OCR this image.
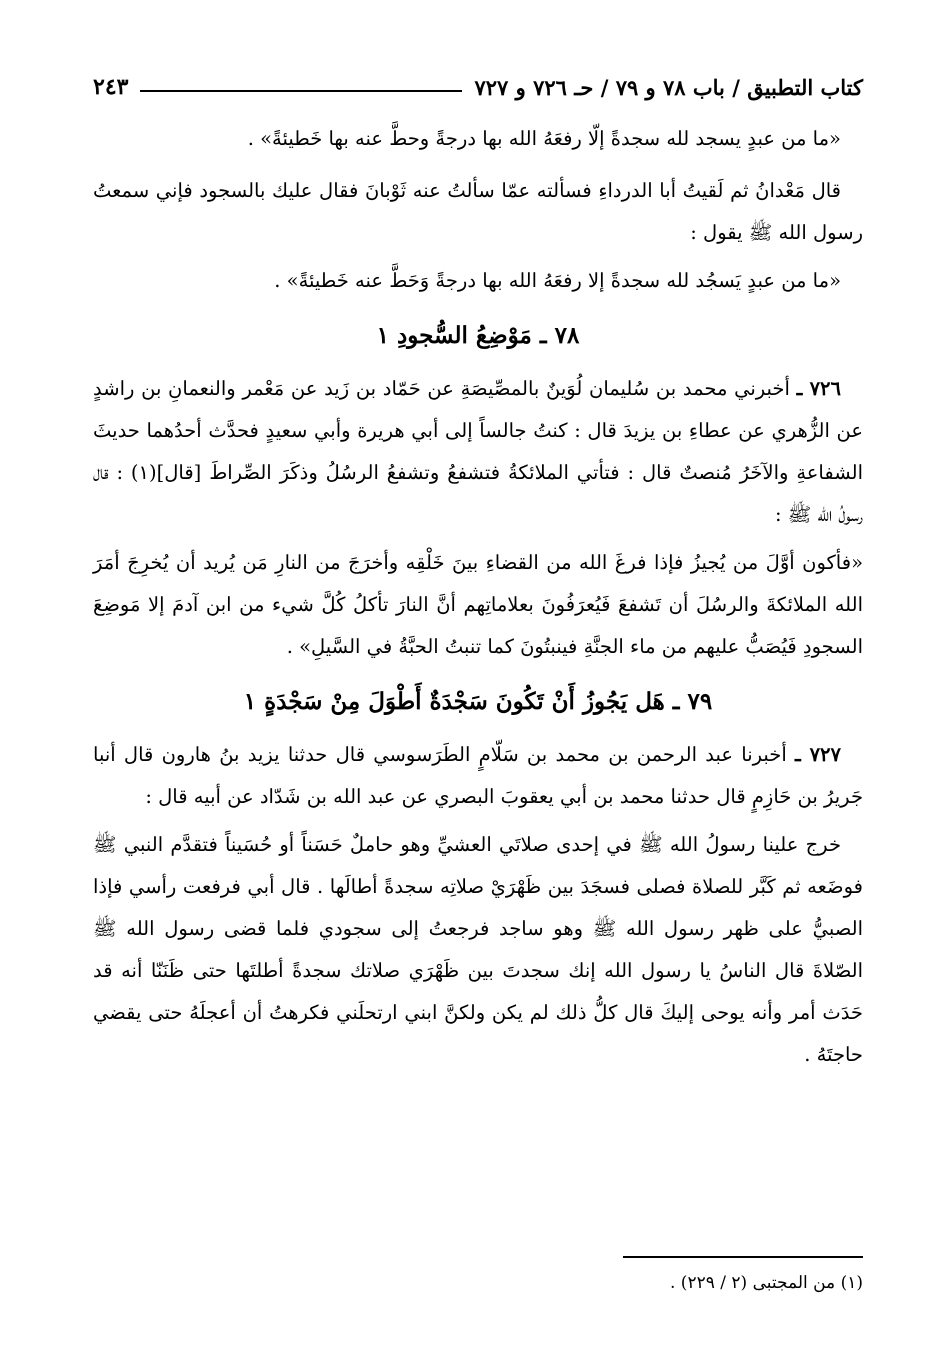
كتاب التطبيق / باب ٧٨ و ٧٩ / حـ ٧٢٦ و ٧٢٧
٢٤٣

«ما من عبدٍ يسجد لله سجدةً إلّا رفعَهُ الله بها درجةً وحطَّ عنه بها خَطيئةً» .

قال مَعْدانُ ثم لَقيتُ أبا الدرداءِ فسألته عمّا سألتُ عنه ثَوْبانَ فقال عليك بالسجود فإني سمعتُ رسول الله ﷺ يقول :

«ما من عبدٍ يَسجُد لله سجدةً إلا رفعَهُ الله بها درجةً وَحَطَّ عنه خَطيئةً» .

٧٨ ـ مَوْضِعُ السُّجودِ ١

٧٢٦ ـ أخبرني محمد بن سُليمان لُوَينٌ بالمصِّيصَةِ عن حَمّاد بن زَيد عن مَعْمر والنعمانِ بن راشدٍ عن الزُّهري عن عطاءِ بن يزيدَ قال : كنتُ جالساً إلى أبي هريرة وأبي سعيدٍ فحدَّث أحدُهما حديثَ الشفاعةِ والآخَرُ مُنصتٌ قال : فتأتي الملائكةُ فتشفعُ وتشفعُ الرسُلُ وذكَرَ الصِّراطَ [قال](١) : قال رسولُ الله ﷺ :

«فأكون أوَّلَ من يُجيزُ فإذا فرغَ الله من القضاءِ بينَ خَلْقِه وأخرَجَ من النارِ مَن يُريد أن يُخرِجَ أمَرَ الله الملائكةَ والرسُلَ أن تَشفعَ فَيُعرَفُونَ بعلاماتِهم أنَّ النارَ تأكلُ كُلَّ شيء من ابن آدمَ إلا مَوضِعَ السجودِ فَيُصَبُّ عليهم من ماء الجنَّةِ فينبتُونَ كما تنبتُ الحبَّةُ في السَّيلِ» .

٧٩ ـ هَل يَجُوزُ أَنْ تَكُونَ سَجْدَةٌ أَطْوَلَ مِنْ سَجْدَةٍ ١

٧٢٧ ـ أخبرنا عبد الرحمن بن محمد بن سَلّامٍ الطَرَسوسي قال حدثنا يزيد بنُ هارون قال أنبا جَريرُ بن حَازِمٍ قال حدثنا محمد بن أبي يعقوبَ البصري عن عبد الله بن شَدّاد عن أبيه قال :

خرج علينا رسولُ الله ﷺ في إحدى صلاتَي العشيِّ وهو حاملٌ حَسَناً أو حُسَيناً فتقدَّم النبي ﷺ فوضَعه ثم كَبَّر للصلاة فصلى فسجَدَ بين ظَهْرَيْ صلاتِه سجدةً أطالَها . قال أبي فرفعت رأسي فإذا الصبيُّ على ظهر رسول الله ﷺ وهو ساجد فرجعتُ إلى سجودي فلما قضى رسول الله ﷺ الصّلاةَ قال الناسُ يا رسول الله إنك سجدتَ بين ظَهْرَي صلاتك سجدةً أطلتَها حتى ظَنَنّا أنه قد حَدَث أمر وأنه يوحى إليكَ قال كلُّ ذلك لم يكن ولكنَّ ابني ارتحلَني فكرهتُ أن أعجلَهُ حتى يقضي حاجتَهُ .

(١) من المجتبى (٢ / ٢٢٩) .
